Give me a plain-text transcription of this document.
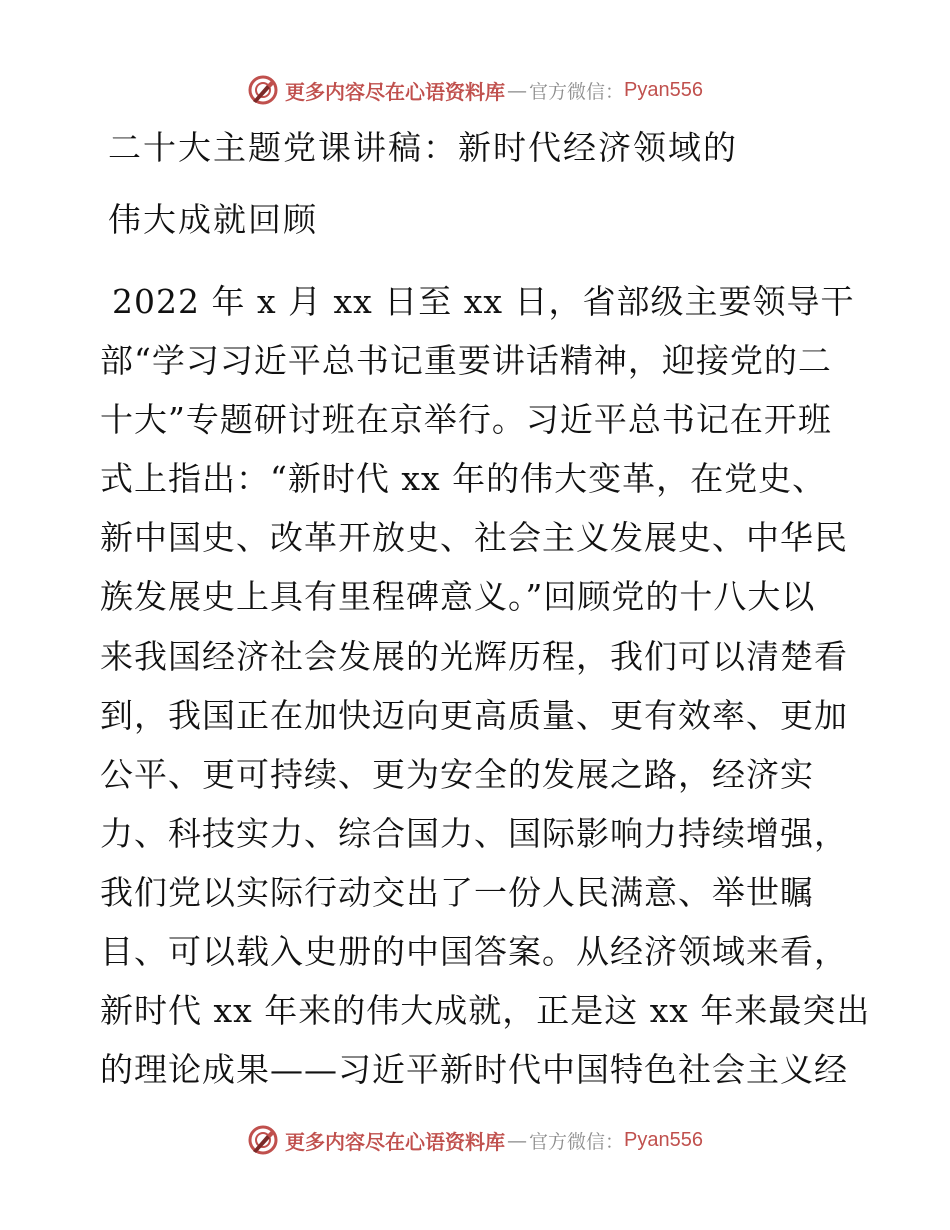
更多内容尽在心语资料库 — 官方微信： Pyan556
二十大主题党课讲稿：新时代经济领域的
伟大成就回顾
2022 年 x 月 xx 日至 xx 日，省部级主要领导干
部“学习习近平总书记重要讲话精神，迎接党的二
十大”专题研讨班在京举行。习近平总书记在开班
式上指出：“新时代 xx 年的伟大变革，在党史、
新中国史、改革开放史、社会主义发展史、中华民
族发展史上具有里程碑意义。”回顾党的十八大以
来我国经济社会发展的光辉历程，我们可以清楚看
到，我国正在加快迈向更高质量、更有效率、更加
公平、更可持续、更为安全的发展之路，经济实
力、科技实力、综合国力、国际影响力持续增强，
我们党以实际行动交出了一份人民满意、举世瞩
目、可以载入史册的中国答案。从经济领域来看，
新时代 xx 年来的伟大成就，正是这 xx 年来最突出
的理论成果——习近平新时代中国特色社会主义经
更多内容尽在心语资料库 — 官方微信： Pyan556
